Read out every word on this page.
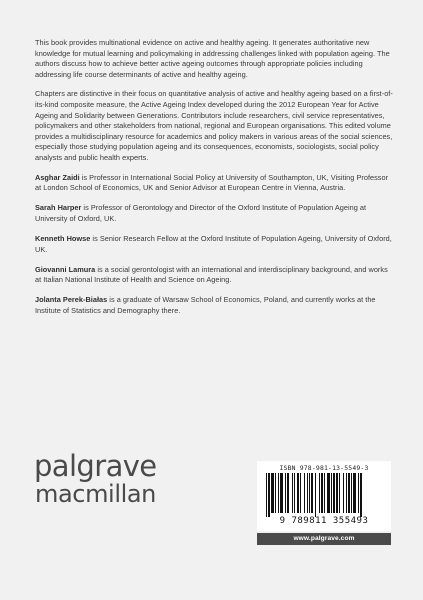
This book provides multinational evidence on active and healthy ageing. It generates authoritative new knowledge for mutual learning and policymaking in addressing challenges linked with population ageing. The authors discuss how to achieve better active ageing outcomes through appropriate policies including addressing life course determinants of active and healthy ageing.

Chapters are distinctive in their focus on quantitative analysis of active and healthy ageing based on a first-of-its-kind composite measure, the Active Ageing Index developed during the 2012 European Year for Active Ageing and Solidarity between Generations. Contributors include researchers, civil service representatives, policymakers and other stakeholders from national, regional and European organisations. This edited volume provides a multidisciplinary resource for academics and policy makers in various areas of the social sciences, especially those studying population ageing and its consequences, economists, sociologists, social policy analysts and public health experts.

Asghar Zaidi is Professor in International Social Policy at University of Southampton, UK, Visiting Professor at London School of Economics, UK and Senior Advisor at European Centre in Vienna, Austria.

Sarah Harper is Professor of Gerontology and Director of the Oxford Institute of Population Ageing at University of Oxford, UK.

Kenneth Howse is Senior Research Fellow at the Oxford Institute of Population Ageing, University of Oxford, UK.

Giovanni Lamura is a social gerontologist with an international and interdisciplinary background, and works at Italian National Institute of Health and Science on Ageing.

Jolanta Perek-Białas is a graduate of Warsaw School of Economics, Poland, and currently works at the Institute of Statistics and Demography there.

palgrave
macmillan
ISBN 978-981-13-5549-3
9 789811 355493
www.palgrave.com
